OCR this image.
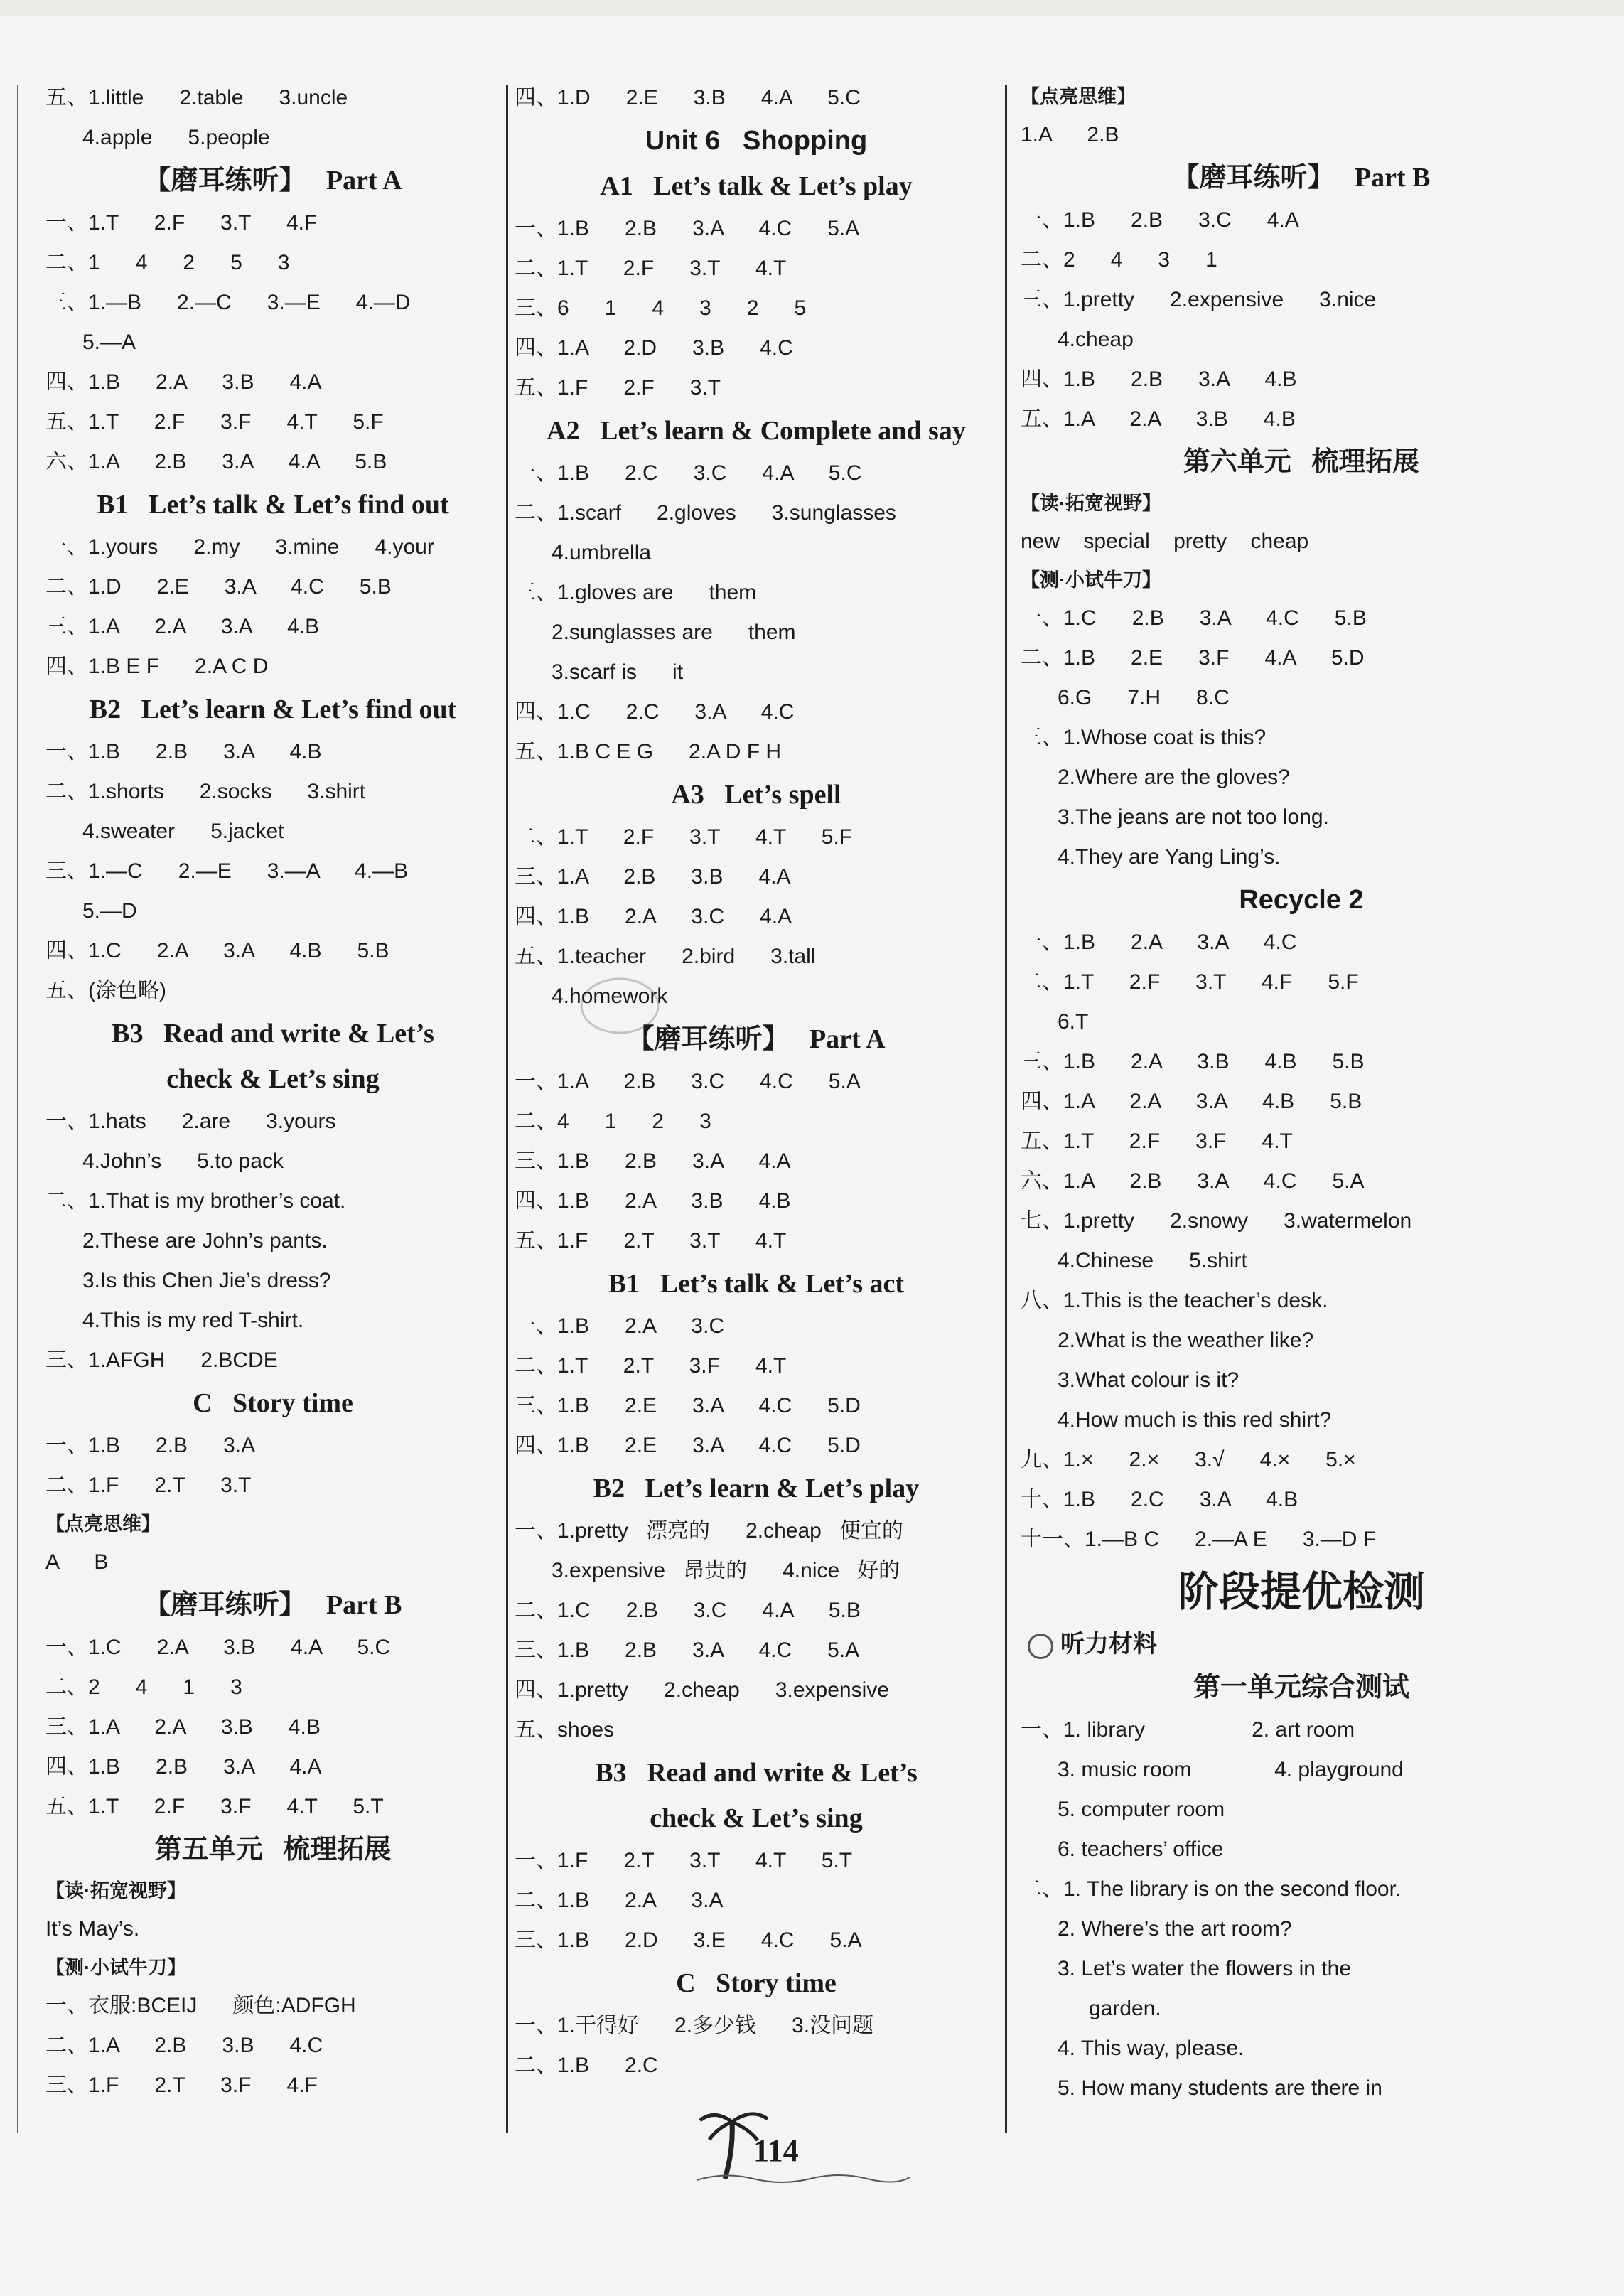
五、1.little      2.table      3.uncle
4.apple      5.people
【磨耳练听】   Part A
一、1.T      2.F      3.T      4.F
二、1      4      2      5      3
三、1.—B      2.—C      3.—E      4.—D
5.—A
四、1.B      2.A      3.B      4.A
五、1.T      2.F      3.F      4.T      5.F
六、1.A      2.B      3.A      4.A      5.B
B1   Let’s talk & Let’s find out
一、1.yours      2.my      3.mine      4.your
二、1.D      2.E      3.A      4.C      5.B
三、1.A      2.A      3.A      4.B
四、1.B E F      2.A C D
B2   Let’s learn & Let’s find out
一、1.B      2.B      3.A      4.B
二、1.shorts      2.socks      3.shirt
4.sweater      5.jacket
三、1.—C      2.—E      3.—A      4.—B
5.—D
四、1.C      2.A      3.A      4.B      5.B
五、(涂色略)
B3   Read and write & Let’s
check & Let’s sing
一、1.hats      2.are      3.yours
4.John’s      5.to pack
二、1.That is my brother’s coat.
2.These are John’s pants.
3.Is this Chen Jie’s dress?
4.This is my red T-shirt.
三、1.AFGH      2.BCDE
C   Story time
一、1.B      2.B      3.A
二、1.F      2.T      3.T
【点亮思维】
A      B
【磨耳练听】   Part B
一、1.C      2.A      3.B      4.A      5.C
二、2      4      1      3
三、1.A      2.A      3.B      4.B
四、1.B      2.B      3.A      4.A
五、1.T      2.F      3.F      4.T      5.T
第五单元   梳理拓展
【读·拓宽视野】
It’s May’s.
【测·小试牛刀】
一、衣服:BCEIJ      颜色:ADFGH
二、1.A      2.B      3.B      4.C
三、1.F      2.T      3.F      4.F
四、1.D      2.E      3.B      4.A      5.C
Unit 6   Shopping
A1   Let’s talk & Let’s play
一、1.B      2.B      3.A      4.C      5.A
二、1.T      2.F      3.T      4.T
三、6      1      4      3      2      5
四、1.A      2.D      3.B      4.C
五、1.F      2.F      3.T
A2   Let’s learn & Complete and say
一、1.B      2.C      3.C      4.A      5.C
二、1.scarf      2.gloves      3.sunglasses
4.umbrella
三、1.gloves are      them
2.sunglasses are      them
3.scarf is      it
四、1.C      2.C      3.A      4.C
五、1.B C E G      2.A D F H
A3   Let’s spell
二、1.T      2.F      3.T      4.T      5.F
三、1.A      2.B      3.B      4.A
四、1.B      2.A      3.C      4.A
五、1.teacher      2.bird      3.tall
4.homework
【磨耳练听】   Part A
一、1.A      2.B      3.C      4.C      5.A
二、4      1      2      3
三、1.B      2.B      3.A      4.A
四、1.B      2.A      3.B      4.B
五、1.F      2.T      3.T      4.T
B1   Let’s talk & Let’s act
一、1.B      2.A      3.C
二、1.T      2.T      3.F      4.T
三、1.B      2.E      3.A      4.C      5.D
四、1.B      2.E      3.A      4.C      5.D
B2   Let’s learn & Let’s play
一、1.pretty   漂亮的      2.cheap   便宜的
3.expensive   昂贵的      4.nice   好的
二、1.C      2.B      3.C      4.A      5.B
三、1.B      2.B      3.A      4.C      5.A
四、1.pretty      2.cheap      3.expensive
五、shoes
B3   Read and write & Let’s
check & Let’s sing
一、1.F      2.T      3.T      4.T      5.T
二、1.B      2.A      3.A
三、1.B      2.D      3.E      4.C      5.A
C   Story time
一、1.干得好      2.多少钱      3.没问题
二、1.B      2.C
【点亮思维】
1.A      2.B
【磨耳练听】   Part B
一、1.B      2.B      3.C      4.A
二、2      4      3      1
三、1.pretty      2.expensive      3.nice
4.cheap
四、1.B      2.B      3.A      4.B
五、1.A      2.A      3.B      4.B
第六单元   梳理拓展
【读·拓宽视野】
new    special    pretty    cheap
【测·小试牛刀】
一、1.C      2.B      3.A      4.C      5.B
二、1.B      2.E      3.F      4.A      5.D
6.G      7.H      8.C
三、1.Whose coat is this?
2.Where are the gloves?
3.The jeans are not too long.
4.They are Yang Ling’s.
Recycle 2
一、1.B      2.A      3.A      4.C
二、1.T      2.F      3.T      4.F      5.F
6.T
三、1.B      2.A      3.B      4.B      5.B
四、1.A      2.A      3.A      4.B      5.B
五、1.T      2.F      3.F      4.T
六、1.A      2.B      3.A      4.C      5.A
七、1.pretty      2.snowy      3.watermelon
4.Chinese      5.shirt
八、1.This is the teacher’s desk.
2.What is the weather like?
3.What colour is it?
4.How much is this red shirt?
九、1.×      2.×      3.√      4.×      5.×
十、1.B      2.C      3.A      4.B
十一、1.—B C      2.—A E      3.—D F
阶段提优检测
听力材料
第一单元综合测试
一、1. library                  2. art room
3. music room              4. playground
5. computer room
6. teachers’ office
二、1. The library is on the second floor.
2. Where’s the art room?
3. Let’s water the flowers in the
garden.
4. This way, please.
5. How many students are there in
114
